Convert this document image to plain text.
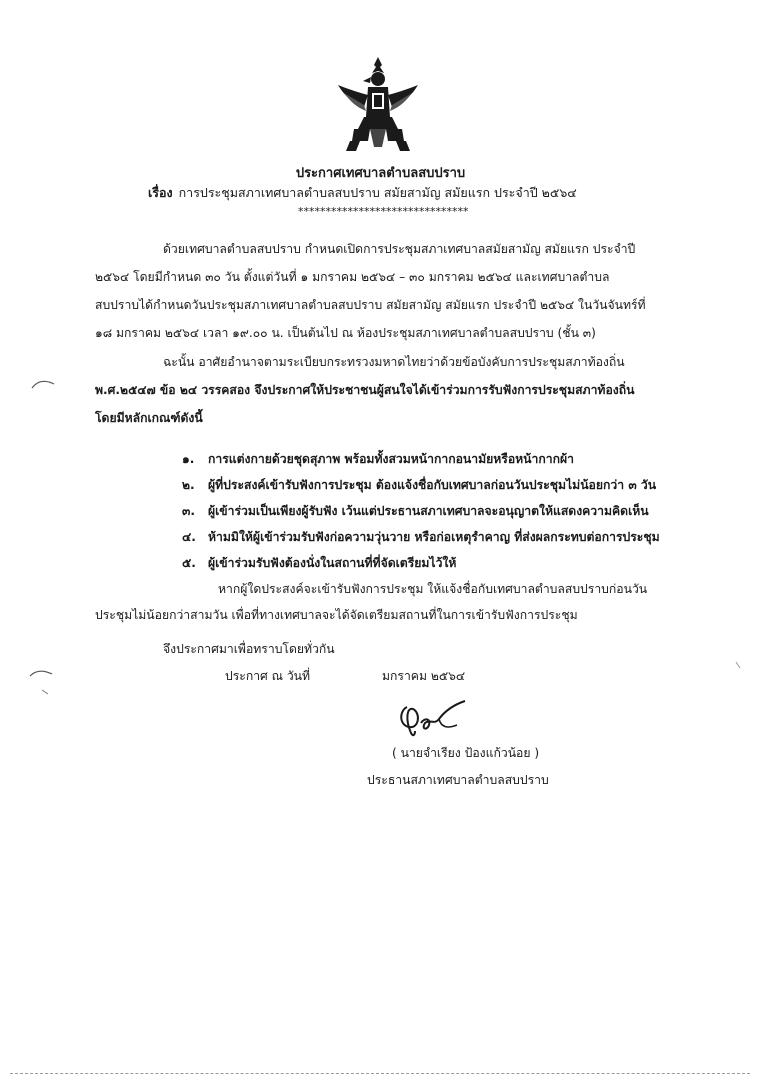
ประกาศเทศบาลตำบลสบปราบ
เรื่อง การประชุมสภาเทศบาลตำบลสบปราบ สมัยสามัญ สมัยแรก ประจำปี ๒๕๖๔
*******************************
ด้วยเทศบาลตำบลสบปราบ กำหนดเปิดการประชุมสภาเทศบาลสมัยสามัญ สมัยแรก ประจำปี
๒๕๖๔ โดยมีกำหนด ๓๐ วัน ตั้งแต่วันที่ ๑ มกราคม ๒๕๖๔ – ๓๐ มกราคม ๒๕๖๔ และเทศบาลตำบล
สบปราบได้กำหนดวันประชุมสภาเทศบาลตำบลสบปราบ สมัยสามัญ สมัยแรก ประจำปี ๒๕๖๔ ในวันจันทร์ที่
๑๘ มกราคม ๒๕๖๔ เวลา ๑๙.๐๐ น. เป็นต้นไป ณ ห้องประชุมสภาเทศบาลตำบลสบปราบ (ชั้น ๓)
ฉะนั้น อาศัยอำนาจตามระเบียบกระทรวงมหาดไทยว่าด้วยข้อบังคับการประชุมสภาท้องถิ่น
พ.ศ.๒๕๔๗ ข้อ ๒๔ วรรคสอง จึงประกาศให้ประชาชนผู้สนใจได้เข้าร่วมการรับฟังการประชุมสภาท้องถิ่น
โดยมีหลักเกณฑ์ดังนี้
๑. การแต่งกายด้วยชุดสุภาพ พร้อมทั้งสวมหน้ากากอนามัยหรือหน้ากากผ้า
๒. ผู้ที่ประสงค์เข้ารับฟังการประชุม ต้องแจ้งชื่อกับเทศบาลก่อนวันประชุมไม่น้อยกว่า ๓ วัน
๓. ผู้เข้าร่วมเป็นเพียงผู้รับฟัง เว้นแต่ประธานสภาเทศบาลจะอนุญาตให้แสดงความคิดเห็น
๔. ห้ามมิให้ผู้เข้าร่วมรับฟังก่อความวุ่นวาย หรือก่อเหตุรำคาญ ที่ส่งผลกระทบต่อการประชุม
๕. ผู้เข้าร่วมรับฟังต้องนั่งในสถานที่ที่จัดเตรียมไว้ให้
หากผู้ใดประสงค์จะเข้ารับฟังการประชุม ให้แจ้งชื่อกับเทศบาลตำบลสบปราบก่อนวัน
ประชุมไม่น้อยกว่าสามวัน เพื่อที่ทางเทศบาลจะได้จัดเตรียมสถานที่ในการเข้ารับฟังการประชุม
จึงประกาศมาเพื่อทราบโดยทั่วกัน
ประกาศ ณ วันที่	มกราคม ๒๕๖๔
( นายจำเรียง ป้องแก้วน้อย )
ประธานสภาเทศบาลตำบลสบปราบ
